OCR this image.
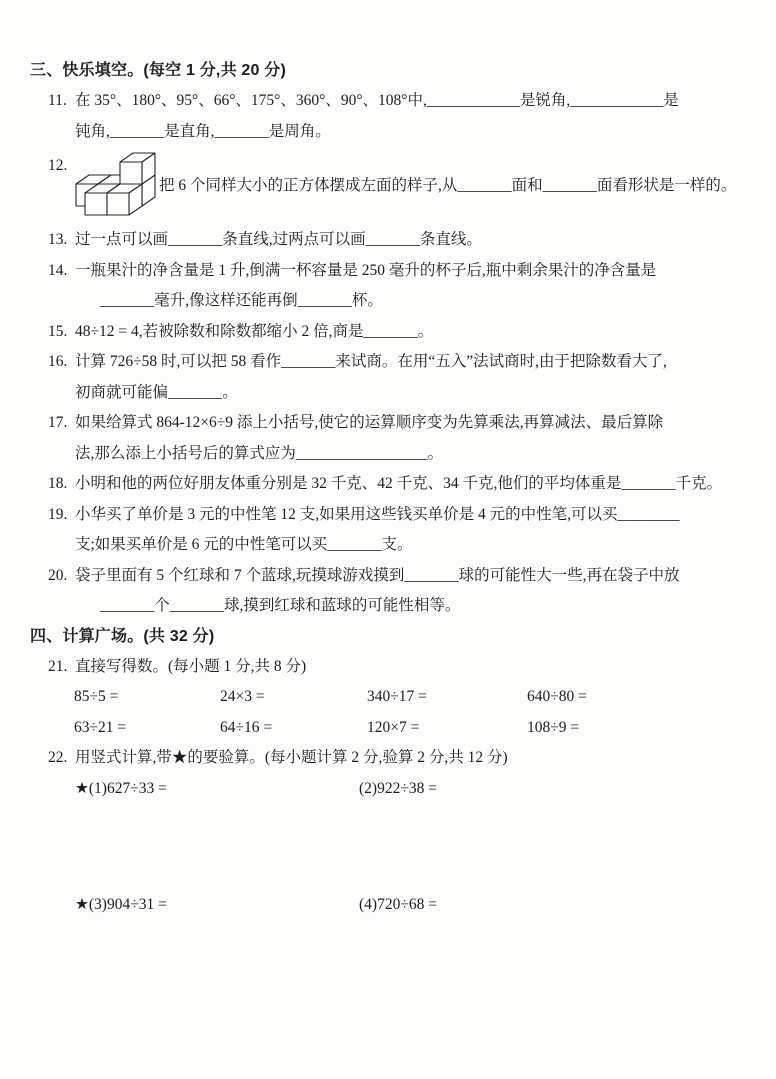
三、快乐填空。(每空 1 分,共 20 分)
11. 在 35°、180°、95°、66°、175°、360°、90°、108°中,____________是锐角,____________是
钝角,_______是直角,_______是周角。
12.
把 6 个同样大小的正方体摆成左面的样子,从_______面和_______面看形状是一样的。
13. 过一点可以画_______条直线,过两点可以画_______条直线。
14. 一瓶果汁的净含量是 1 升,倒满一杯容量是 250 毫升的杯子后,瓶中剩余果汁的净含量是
_______毫升,像这样还能再倒_______杯。
15. 48÷12 = 4,若被除数和除数都缩小 2 倍,商是_______。
16. 计算 726÷58 时,可以把 58 看作_______来试商。在用“五入”法试商时,由于把除数看大了,
初商就可能偏_______。
17. 如果给算式 864-12×6÷9 添上小括号,使它的运算顺序变为先算乘法,再算减法、最后算除
法,那么添上小括号后的算式应为_________________。
18. 小明和他的两位好朋友体重分别是 32 千克、42 千克、34 千克,他们的平均体重是_______千克。
19. 小华买了单价是 3 元的中性笔 12 支,如果用这些钱买单价是 4 元的中性笔,可以买________
支;如果买单价是 6 元的中性笔可以买_______支。
20. 袋子里面有 5 个红球和 7 个蓝球,玩摸球游戏摸到_______球的可能性大一些,再在袋子中放
_______个_______球,摸到红球和蓝球的可能性相等。
四、计算广场。(共 32 分)
21. 直接写得数。(每小题 1 分,共 8 分)
85÷5 =	24×3 =	340÷17 =	640÷80 =
63÷21 =	64÷16 =	120×7 =	108÷9 =
22. 用竖式计算,带★的要验算。(每小题计算 2 分,验算 2 分,共 12 分)
★(1)627÷33 =	(2)922÷38 =
★(3)904÷31 =	(4)720÷68 =
